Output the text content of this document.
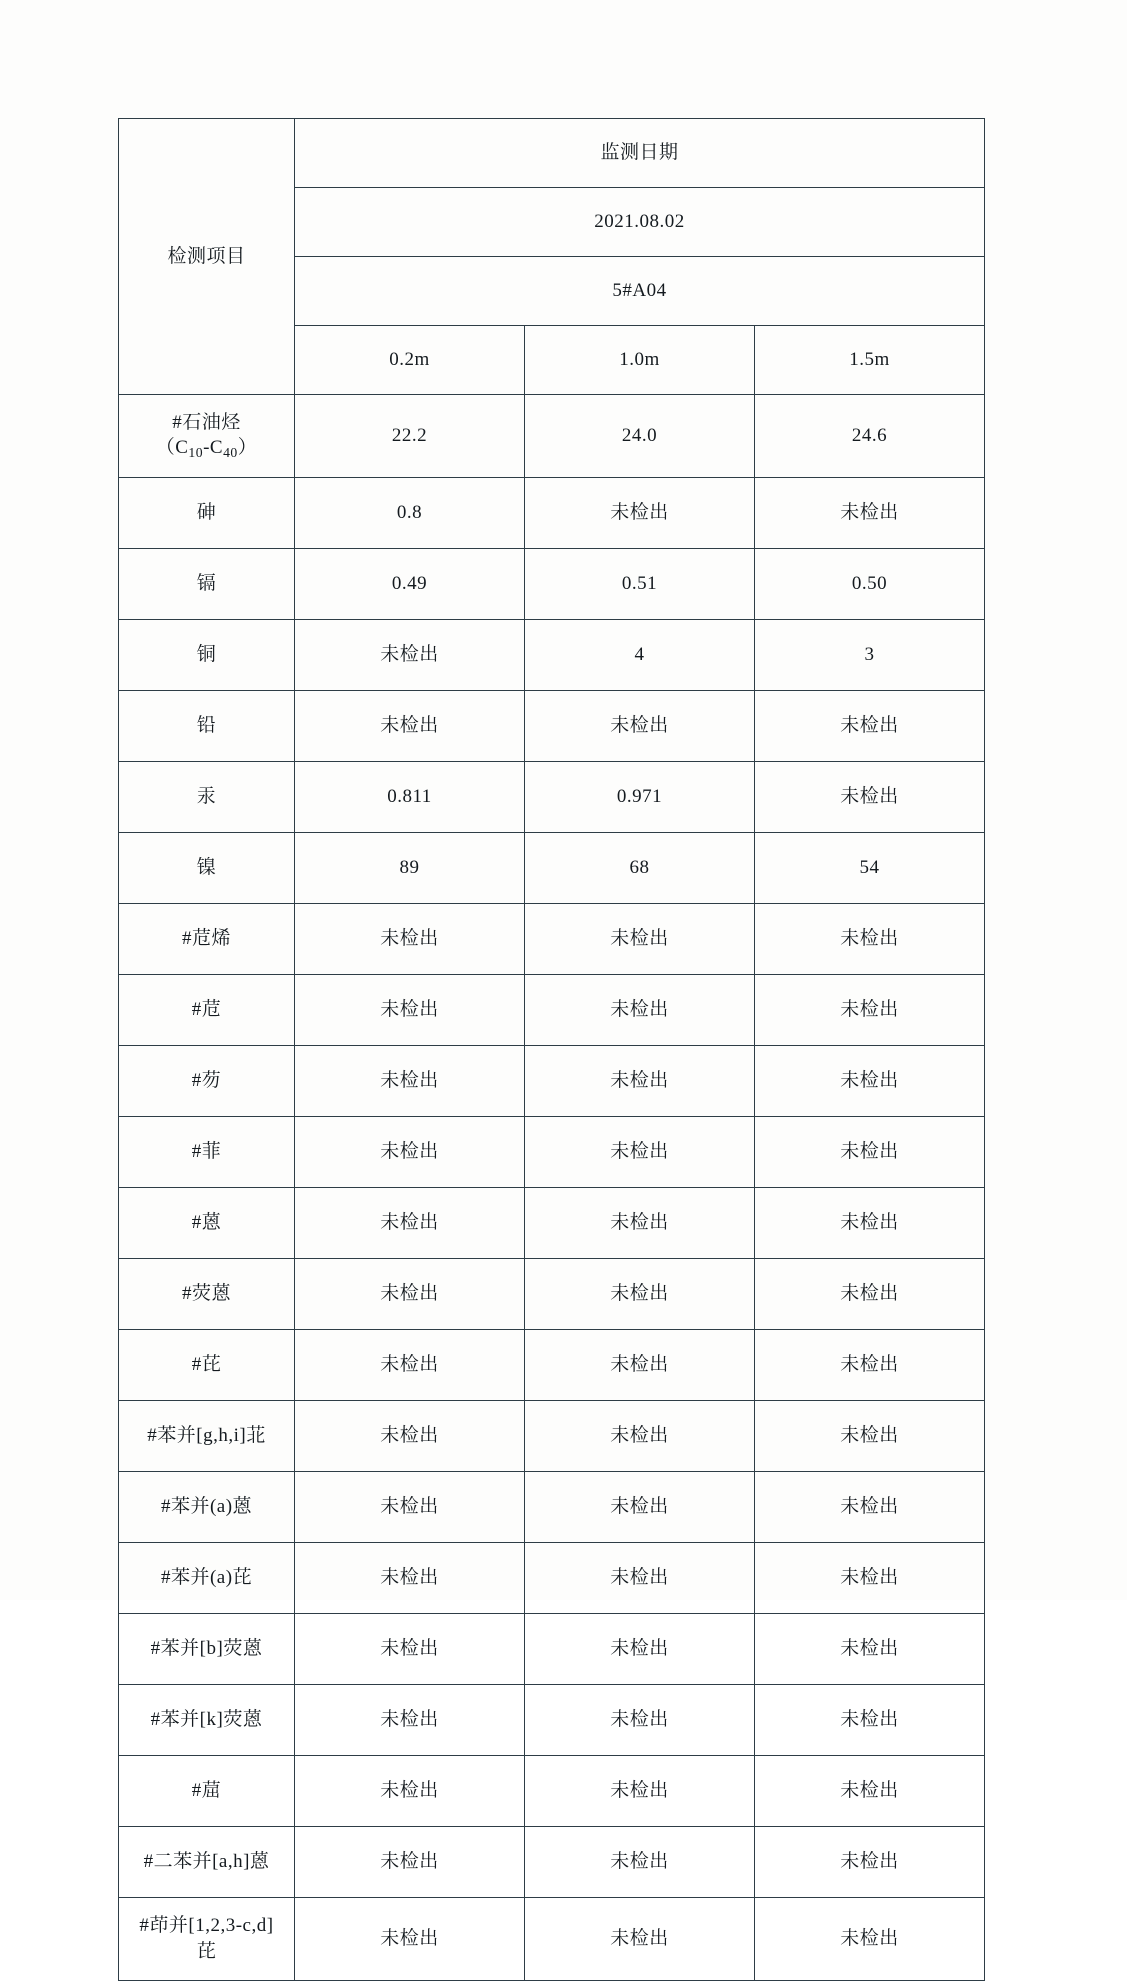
检测项目	监测日期		
	2021.08.02		
	5#A04		
	0.2m	1.0m	1.5m
#石油烃
$(C_{10}-C_{40})$	22.2	24.0	24.6
砷	0.8	未检出	未检出
镉	0.49	0.51	0.50
铜	未检出	4	3
铅	未检出	未检出	未检出
汞	0.811	0.971	未检出
镍	89	68	54
#苊烯	未检出	未检出	未检出
#苊	未检出	未检出	未检出
#芴	未检出	未检出	未检出
#菲	未检出	未检出	未检出
#蒽	未检出	未检出	未检出
#荧蒽	未检出	未检出	未检出
#芘	未检出	未检出	未检出
#苯并[g,h,i]苝	未检出	未检出	未检出
#苯并(a)蒽	未检出	未检出	未检出
#苯并(a)芘	未检出	未检出	未检出
#苯并[b]荧蒽	未检出	未检出	未检出
#苯并[k]荧蒽	未检出	未检出	未检出
#䓛	未检出	未检出	未检出
#二苯并[a,h]蒽	未检出	未检出	未检出
#茚并[1,2,3-c,d]
芘	未检出	未检出	未检出
